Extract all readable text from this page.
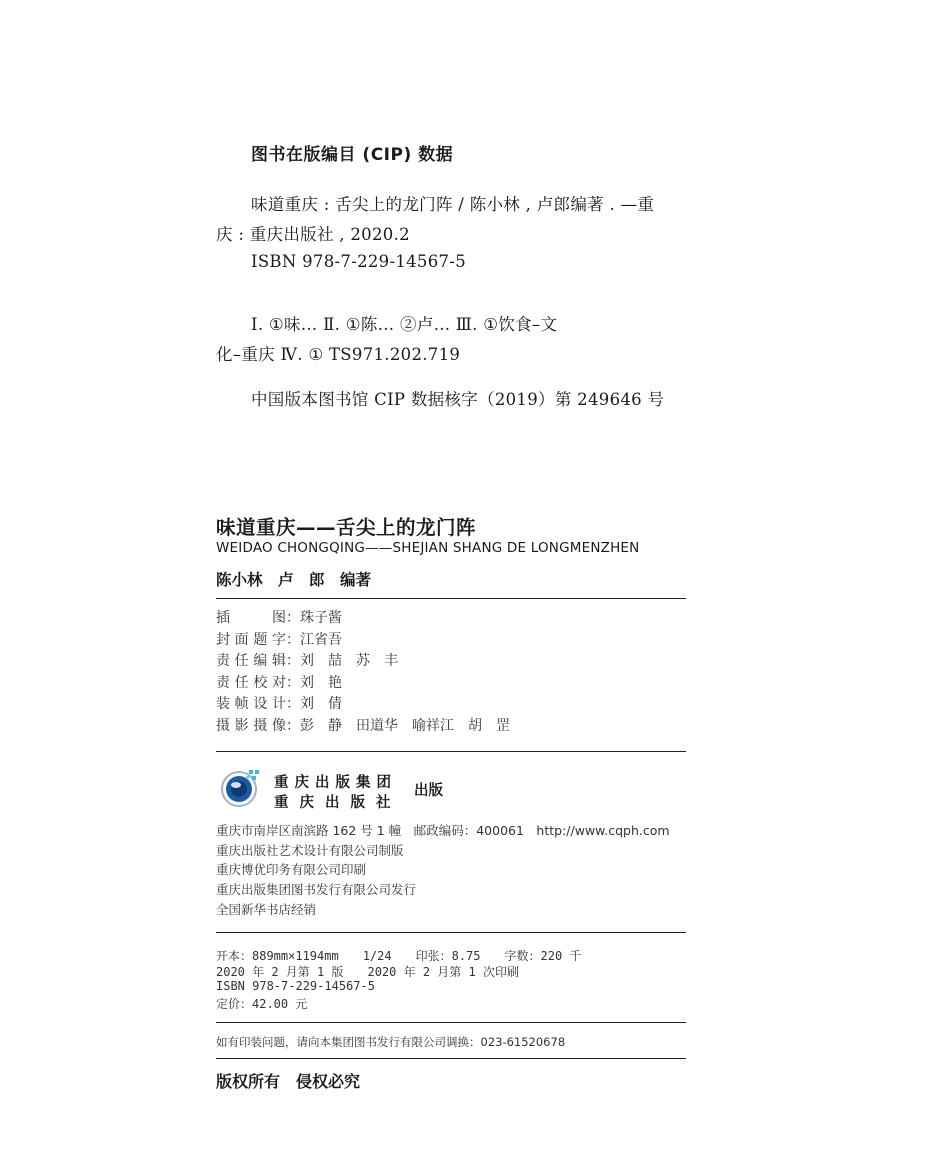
图书在版编目 (CIP) 数据
味道重庆 : 舌尖上的龙门阵 / 陈小林 , 卢郎编著 . —重
庆 : 重庆出版社 , 2020.2
ISBN 978-7-229-14567-5
Ⅰ. ①味… Ⅱ. ①陈… ②卢… Ⅲ. ①饮食–文
化–重庆 Ⅳ. ① TS971.202.719
中国版本图书馆 CIP 数据核字（2019）第 249646 号
味道重庆——舌尖上的龙门阵
WEIDAO CHONGQING——SHEJIAN SHANG DE LONGMENZHEN
陈小林　卢　郎　编著
插图：珠子酱
封面题字：江省吾
责任编辑：刘　喆　苏　丰
责任校对：刘　艳
装帧设计：刘　倩
摄影摄像：彭　静　田道华　喻祥江　胡　罡
重庆出版集团
重庆出版社
出版
重庆市南岸区南滨路 162 号 1 幢　邮政编码：400061　http://www.cqph.com
重庆出版社艺术设计有限公司制版
重庆博优印务有限公司印刷
重庆出版集团图书发行有限公司发行
全国新华书店经销
开本：889mm×1194mm　　1/24　　印张：8.75　　字数：220 千
2020 年 2 月第 1 版　　2020 年 2 月第 1 次印刷
ISBN 978-7-229-14567-5
定价：42.00 元
如有印装问题，请向本集团图书发行有限公司调换：023-61520678
版权所有　侵权必究
